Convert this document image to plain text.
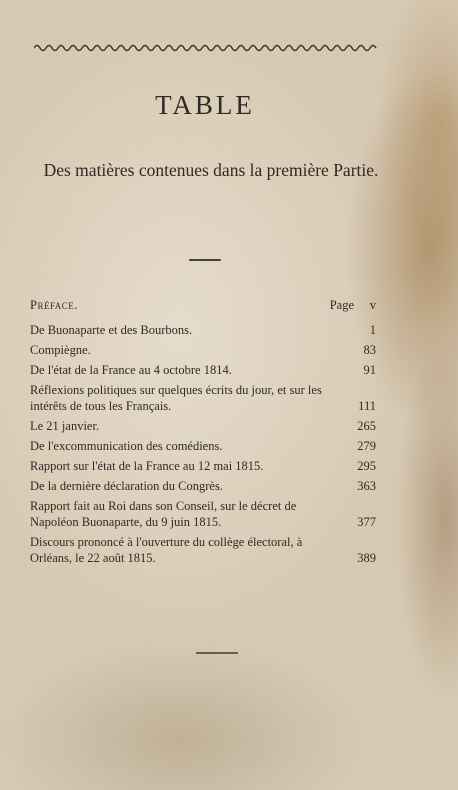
TABLE
Des matières contenues dans la première Partie.
Préface.	Page v
De Buonaparte et des Bourbons.	1
Compiègne.	83
De l'état de la France au 4 octobre 1814.	91
Réflexions politiques sur quelques écrits du jour, et sur les intérêts de tous les Français.	111
Le 21 janvier.	265
De l'excommunication des comédiens.	279
Rapport sur l'état de la France au 12 mai 1815.	295
De la dernière déclaration du Congrès.	363
Rapport fait au Roi dans son Conseil, sur le décret de Napoléon Buonaparte, du 9 juin 1815.	377
Discours prononcé à l'ouverture du collège électoral, à Orléans, le 22 août 1815.	389
